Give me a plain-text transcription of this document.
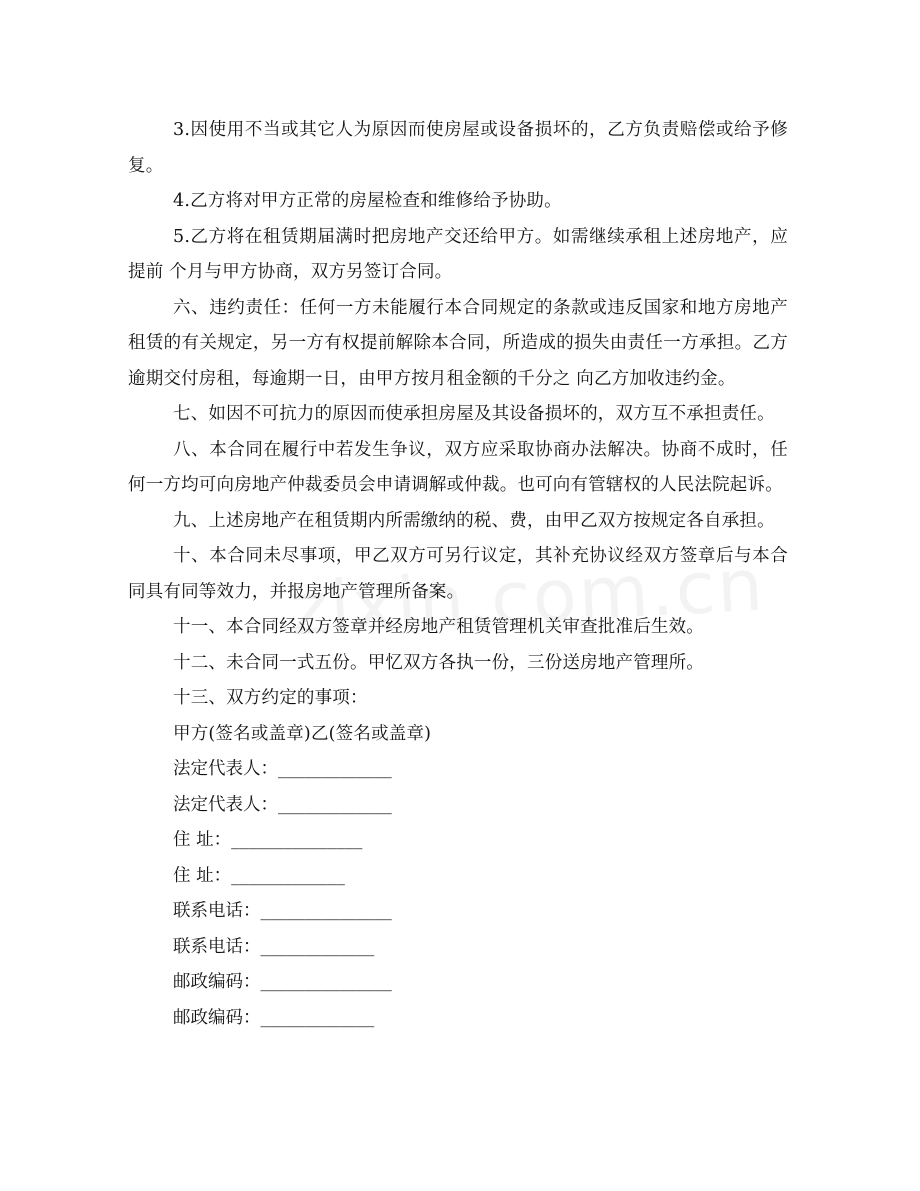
3.因使用不当或其它人为原因而使房屋或设备损坏的，乙方负责赔偿或给予修复。

4.乙方将对甲方正常的房屋检查和维修给予协助。

5.乙方将在租赁期届满时把房地产交还给甲方。如需继续承租上述房地产，应提前 个月与甲方协商，双方另签订合同。

六、违约责任：任何一方未能履行本合同规定的条款或违反国家和地方房地产租赁的有关规定，另一方有权提前解除本合同，所造成的损失由责任一方承担。乙方逾期交付房租，每逾期一日，由甲方按月租金额的千分之 向乙方加收违约金。

七、如因不可抗力的原因而使承担房屋及其设备损坏的，双方互不承担责任。

八、本合同在履行中若发生争议，双方应采取协商办法解决。协商不成时，任何一方均可向房地产仲裁委员会申请调解或仲裁。也可向有管辖权的人民法院起诉。

九、上述房地产在租赁期内所需缴纳的税、费，由甲乙双方按规定各自承担。

十、本合同未尽事项，甲乙双方可另行议定，其补充协议经双方签章后与本合同具有同等效力，并报房地产管理所备案。

十一、本合同经双方签章并经房地产租赁管理机关审查批准后生效。

十二、未合同一式五份。甲忆双方各执一份，三份送房地产管理所。

十三、双方约定的事项：

甲方(签名或盖章)乙(签名或盖章)

法定代表人：_____________

法定代表人：_____________

住 址：_______________

住 址：_____________

联系电话：_______________

联系电话：_____________

邮政编码：_______________

邮政编码：_____________
